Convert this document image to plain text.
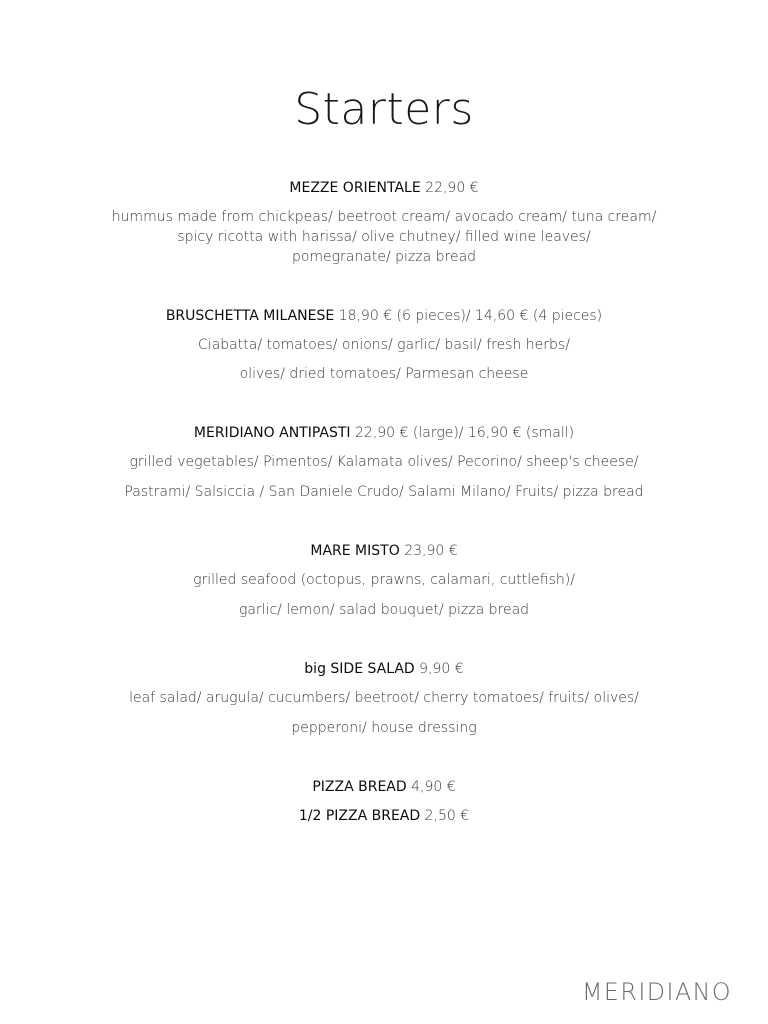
Starters
MEZZE ORIENTALE 22,90 €
hummus made from chickpeas/ beetroot cream/ avocado cream/ tuna cream/
spicy ricotta with harissa/ olive chutney/ filled wine leaves/
pomegranate/ pizza bread
BRUSCHETTA MILANESE 18,90 € (6 pieces)/ 14,60 € (4 pieces)
Ciabatta/ tomatoes/ onions/ garlic/ basil/ fresh herbs/
olives/ dried tomatoes/ Parmesan cheese
MERIDIANO ANTIPASTI 22,90 € (large)/ 16,90 € (small)
grilled vegetables/ Pimentos/ Kalamata olives/ Pecorino/ sheep's cheese/
Pastrami/ Salsiccia / San Daniele Crudo/ Salami Milano/ Fruits/ pizza bread
MARE MISTO 23,90 €
grilled seafood (octopus, prawns, calamari, cuttlefish)/
garlic/ lemon/ salad bouquet/ pizza bread
big SIDE SALAD 9,90 €
leaf salad/ arugula/ cucumbers/ beetroot/ cherry tomatoes/ fruits/ olives/
pepperoni/ house dressing
PIZZA BREAD 4,90 €
1/2 PIZZA BREAD 2,50 €
MERIDIANO
